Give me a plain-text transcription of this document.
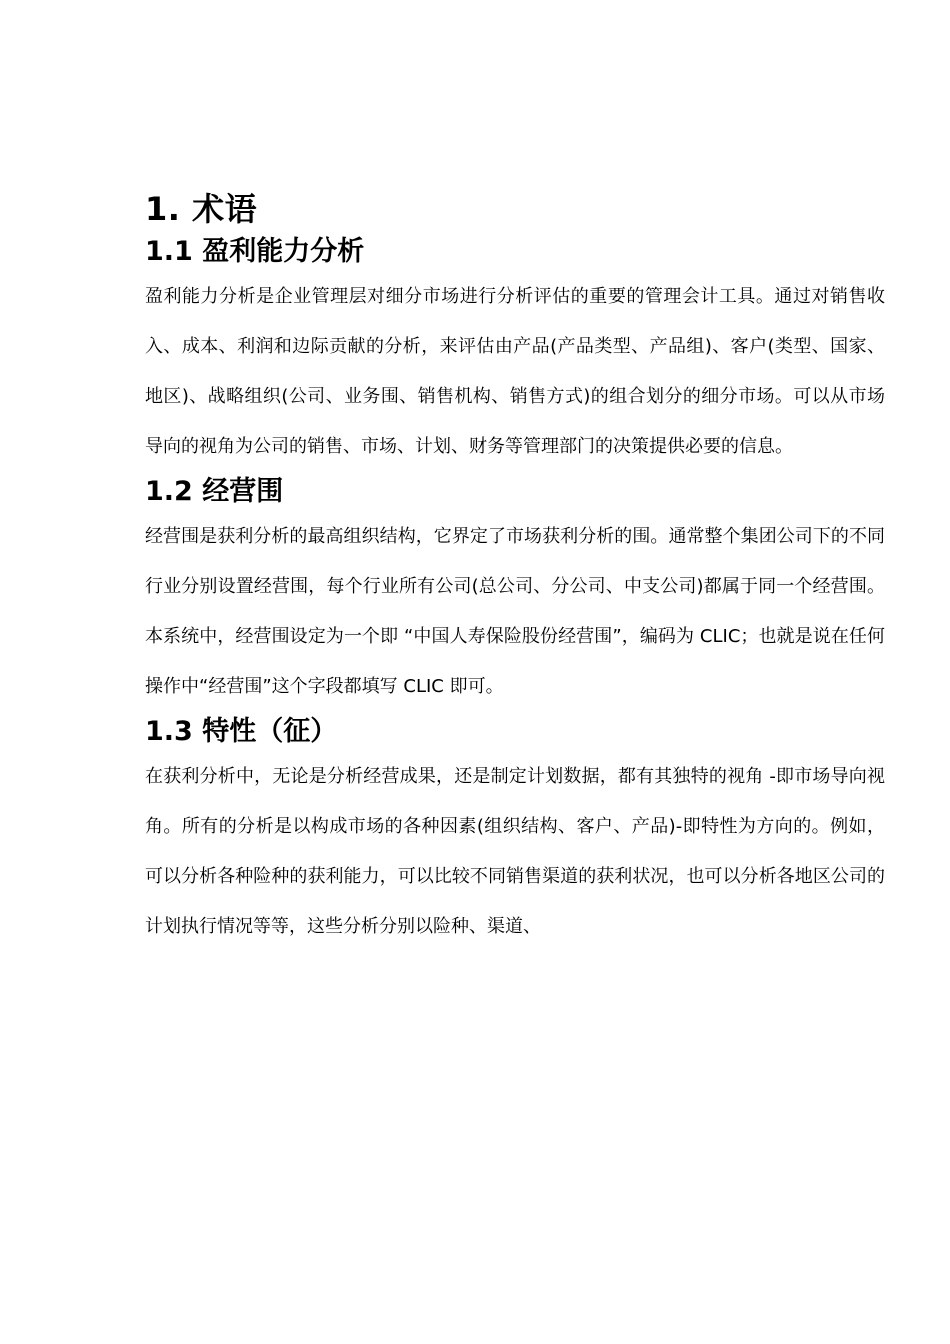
1. 术语
1.1 盈利能力分析

盈利能力分析是企业管理层对细分市场进行分析评估的重要的管理会计工具。通过对销售收入、成本、利润和边际贡献的分析，来评估由产品(产品类型、产品组)、客户(类型、国家、地区)、战略组织(公司、业务围、销售机构、销售方式)的组合划分的细分市场。可以从市场导向的视角为公司的销售、市场、计划、财务等管理部门的决策提供必要的信息。

1.2 经营围

经营围是获利分析的最高组织结构，它界定了市场获利分析的围。通常整个集团公司下的不同行业分别设置经营围，每个行业所有公司(总公司、分公司、中支公司)都属于同一个经营围。本系统中，经营围设定为一个即 “中国人寿保险股份经营围”，编码为 CLIC；也就是说在任何操作中“经营围”这个字段都填写 CLIC 即可。

1.3 特性（征）

在获利分析中，无论是分析经营成果，还是制定计划数据，都有其独特的视角 -即市场导向视角。所有的分析是以构成市场的各种因素(组织结构、客户、产品)-即特性为方向的。例如，可以分析各种险种的获利能力，可以比较不同销售渠道的获利状况，也可以分析各地区公司的计划执行情况等等，这些分析分别以险种、渠道、
